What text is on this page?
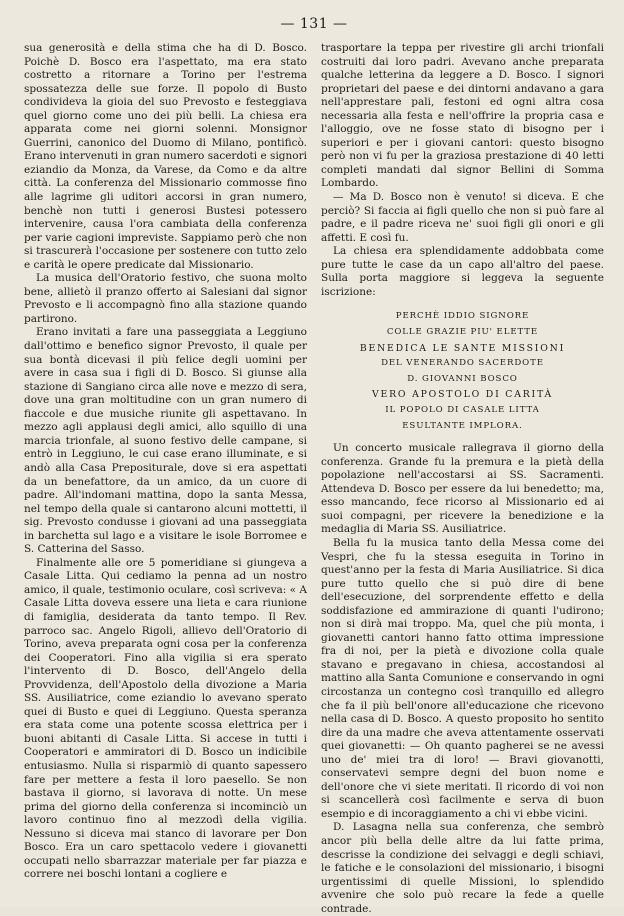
— 131 —

sua generosità e della stima che ha di D. Bosco. Poichè D. Bosco era l'aspettato, ma era stato costretto a ritornare a Torino per l'estrema spossatezza delle sue forze. Il popolo di Busto condivideva la gioia del suo Prevosto e festeggiava quel giorno come uno dei più belli. La chiesa era apparata come nei giorni solenni. Monsignor Guerrini, canonico del Duomo di Milano, pontificò. Erano intervenuti in gran numero sacerdoti e signori eziandio da Monza, da Varese, da Como e da altre città. La conferenza del Missionario commosse fino alle lagrime gli uditori accorsi in gran numero, benchè non tutti i generosi Bustesi potessero intervenire, causa l'ora cambiata della conferenza per varie cagioni impreviste. Sappiamo però che non si trascurerà l'occasione per sostenere con tutto zelo e carità le opere predicate dal Missionario.

La musica dell'Oratorio festivo, che suona molto bene, allietò il pranzo offerto ai Salesiani dal signor Prevosto e li accompagnò fino alla stazione quando partirono.

Erano invitati a fare una passeggiata a Leggiuno dall'ottimo e benefico signor Prevosto, il quale per sua bontà dicevasi il più felice degli uomini per avere in casa sua i figli di D. Bosco. Si giunse alla stazione di Sangiano circa alle nove e mezzo di sera, dove una gran moltitudine con un gran numero di fiaccole e due musiche riunite gli aspettavano. In mezzo agli applausi degli amici, allo squillo di una marcia trionfale, al suono festivo delle campane, si entrò in Leggiuno, le cui case erano illuminate, e si andò alla Casa Prepositurale, dove si era aspettati da un benefattore, da un amico, da un cuore di padre. All'indomani mattina, dopo la santa Messa, nel tempo della quale si cantarono alcuni mottetti, il sig. Prevosto condusse i giovani ad una passeggiata in barchetta sul lago e a visitare le isole Borromee e S. Catterina del Sasso.

Finalmente alle ore 5 pomeridiane si giungeva a Casale Litta. Qui cediamo la penna ad un nostro amico, il quale, testimonio oculare, così scriveva: « A Casale Litta doveva essere una lieta e cara riunione di famiglia, desiderata da tanto tempo. Il Rev. parroco sac. Angelo Rigoli, allievo dell'Oratorio di Torino, aveva preparata ogni cosa per la conferenza dei Cooperatori. Fino alla vigilia si era sperato l'intervento di D. Bosco, dell'Angelo della Provvidenza, dell'Apostolo della divozione a Maria SS. Ausiliatrice, come eziandio lo avevano sperato quei di Busto e quei di Leggiuno. Questa speranza era stata come una potente scossa elettrica per i buoni abitanti di Casale Litta. Si accese in tutti i Cooperatori e ammiratori di D. Bosco un indicibile entusiasmo. Nulla si risparmiò di quanto sapessero fare per mettere a festa il loro paesello. Se non bastava il giorno, si lavorava di notte. Un mese prima del giorno della conferenza si incominciò un lavoro continuo fino al mezzodì della vigilia. Nessuno si diceva mai stanco di lavorare per Don Bosco. Era un caro spettacolo vedere i giovanetti occupati nello sbarrazzar materiale per far piazza e correre nei boschi lontani a cogliere e

trasportare la teppa per rivestire gli archi trionfali costruiti dai loro padri. Avevano anche preparata qualche letterina da leggere a D. Bosco. I signori proprietari del paese e dei dintorni andavano a gara nell'apprestare pali, festoni ed ogni altra cosa necessaria alla festa e nell'offrire la propria casa e l'alloggio, ove ne fosse stato di bisogno per i superiori e per i giovani cantori: questo bisogno però non vi fu per la graziosa prestazione di 40 letti completi mandati dal signor Bellini di Somma Lombardo.

— Ma D. Bosco non è venuto! si diceva. E che perciò? Si faccia ai figli quello che non si può fare al padre, e il padre riceva ne' suoi figli gli onori e gli affetti. E così fu.

La chiesa era splendidamente addobbata come pure tutte le case da un capo all'altro del paese. Sulla porta maggiore si leggeva la seguente iscrizione:

PERCHÈ IDDIO SIGNORE
COLLE GRAZIE PIU' ELETTE
BENEDICA LE SANTE MISSIONI
DEL VENERANDO SACERDOTE
D. GIOVANNI BOSCO
VERO APOSTOLO DI CARITÀ
IL POPOLO DI CASALE LITTA
ESULTANTE IMPLORA.

Un concerto musicale rallegrava il giorno della conferenza. Grande fu la premura e la pietà della popolazione nell'accostarsi ai SS. Sacramenti. Attendeva D. Bosco per essere da lui benedetto; ma, esso mancando, fece ricorso al Missionario ed ai suoi compagni, per ricevere la benedizione e la medaglia di Maria SS. Ausiliatrice.

Bella fu la musica tanto della Messa come dei Vespri, che fu la stessa eseguita in Torino in quest'anno per la festa di Maria Ausiliatrice. Si dica pure tutto quello che si può dire di bene dell'esecuzione, del sorprendente effetto e della soddisfazione ed ammirazione di quanti l'udirono; non si dirà mai troppo. Ma, quel che più monta, i giovanetti cantori hanno fatto ottima impressione fra di noi, per la pietà e divozione colla quale stavano e pregavano in chiesa, accostandosi al mattino alla Santa Comunione e conservando in ogni circostanza un contegno così tranquillo ed allegro che fa il più bell'onore all'educazione che ricevono nella casa di D. Bosco. A questo proposito ho sentito dire da una madre che aveva attentamente osservati quei giovanetti: — Oh quanto pagherei se ne avessi uno de' miei tra di loro! — Bravi giovanotti, conservatevi sempre degni del buon nome e dell'onore che vi siete meritati. Il ricordo di voi non si scancellerà così facilmente e serva di buon esempio e di incoraggiamento a chi vi ebbe vicini.

D. Lasagna nella sua conferenza, che sembrò ancor più bella delle altre da lui fatte prima, descrisse la condizione dei selvaggi e degli schiavi, le fatiche e le consolazioni del missionario, i bisogni urgentissimi di quelle Missioni, lo splendido avvenire che solo può recare la fede a quelle contrade.
